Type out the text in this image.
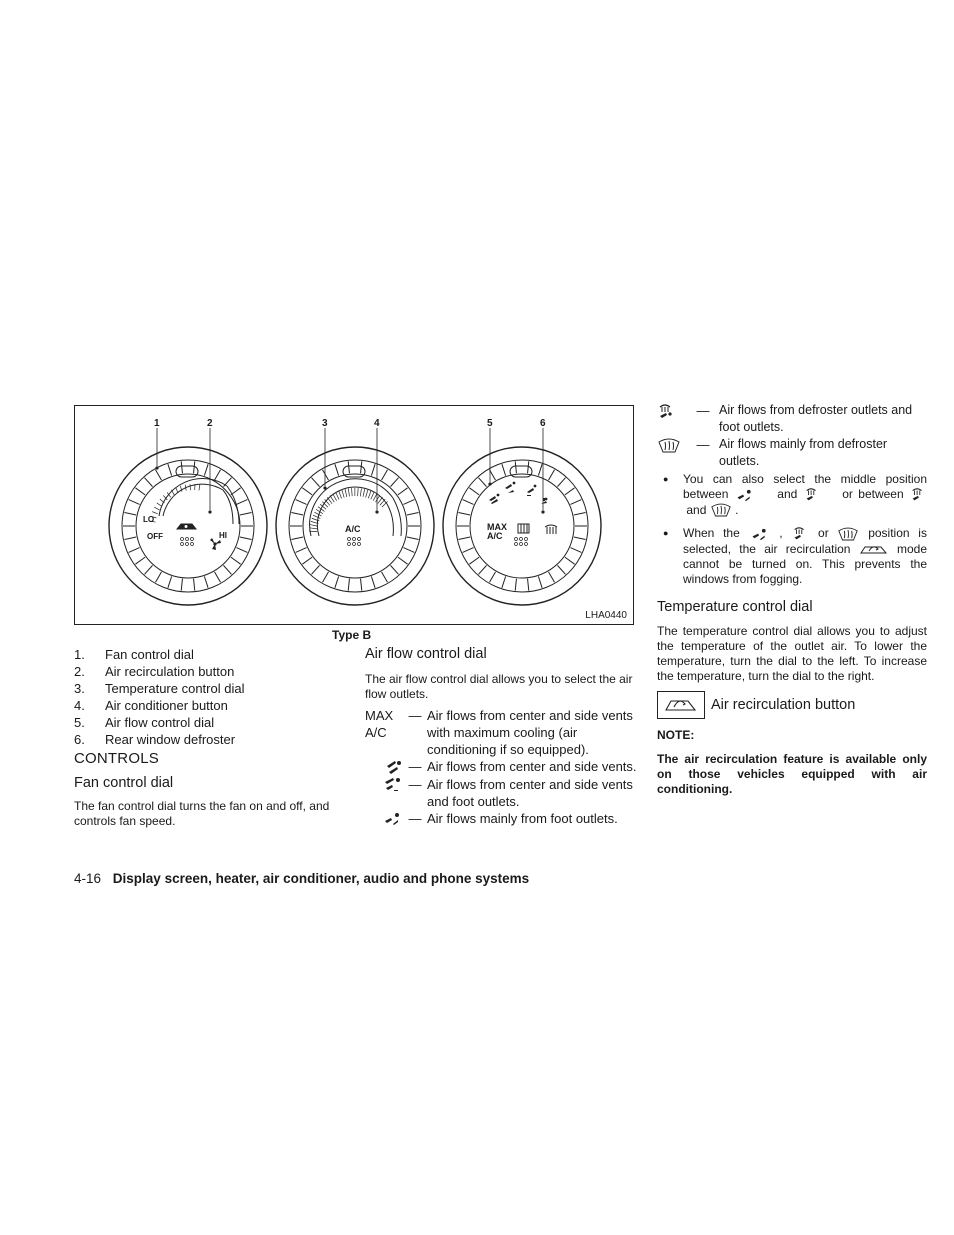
1	2	3	4	5	6
LO
OFF	HI
A/C	MAX
A/C
LHA0440
Type B
1.	Fan control dial
2.	Air recirculation button
3.	Temperature control dial
4.	Air conditioner button
5.	Air flow control dial
6.	Rear window defroster
CONTROLS
Fan control dial

The fan control dial turns the fan on and off, and controls fan speed.

Air flow control dial

The air flow control dial allows you to select the air flow outlets.

MAX
A/C
— Air flows from center and side vents with maximum cooling (air conditioning if so equipped).
— Air flows from center and side vents.
— Air flows from center and side vents and foot outlets.
— Air flows mainly from foot outlets.
— Air flows from defroster outlets and foot outlets.
— Air flows mainly from defroster outlets.
●	You can also select the middle position between	and	or between   and .
●	When the	,	or	position is selected, the air recirculation	mode cannot be turned on. This prevents the windows from fogging.
Temperature control dial

The temperature control dial allows you to adjust the temperature of the outlet air. To lower the temperature, turn the dial to the left. To increase the temperature, turn the dial to the right.

Air recirculation button

NOTE:

The air recirculation feature is available only on those vehicles equipped with air conditioning.

4-16 Display screen, heater, air conditioner, audio and phone systems
